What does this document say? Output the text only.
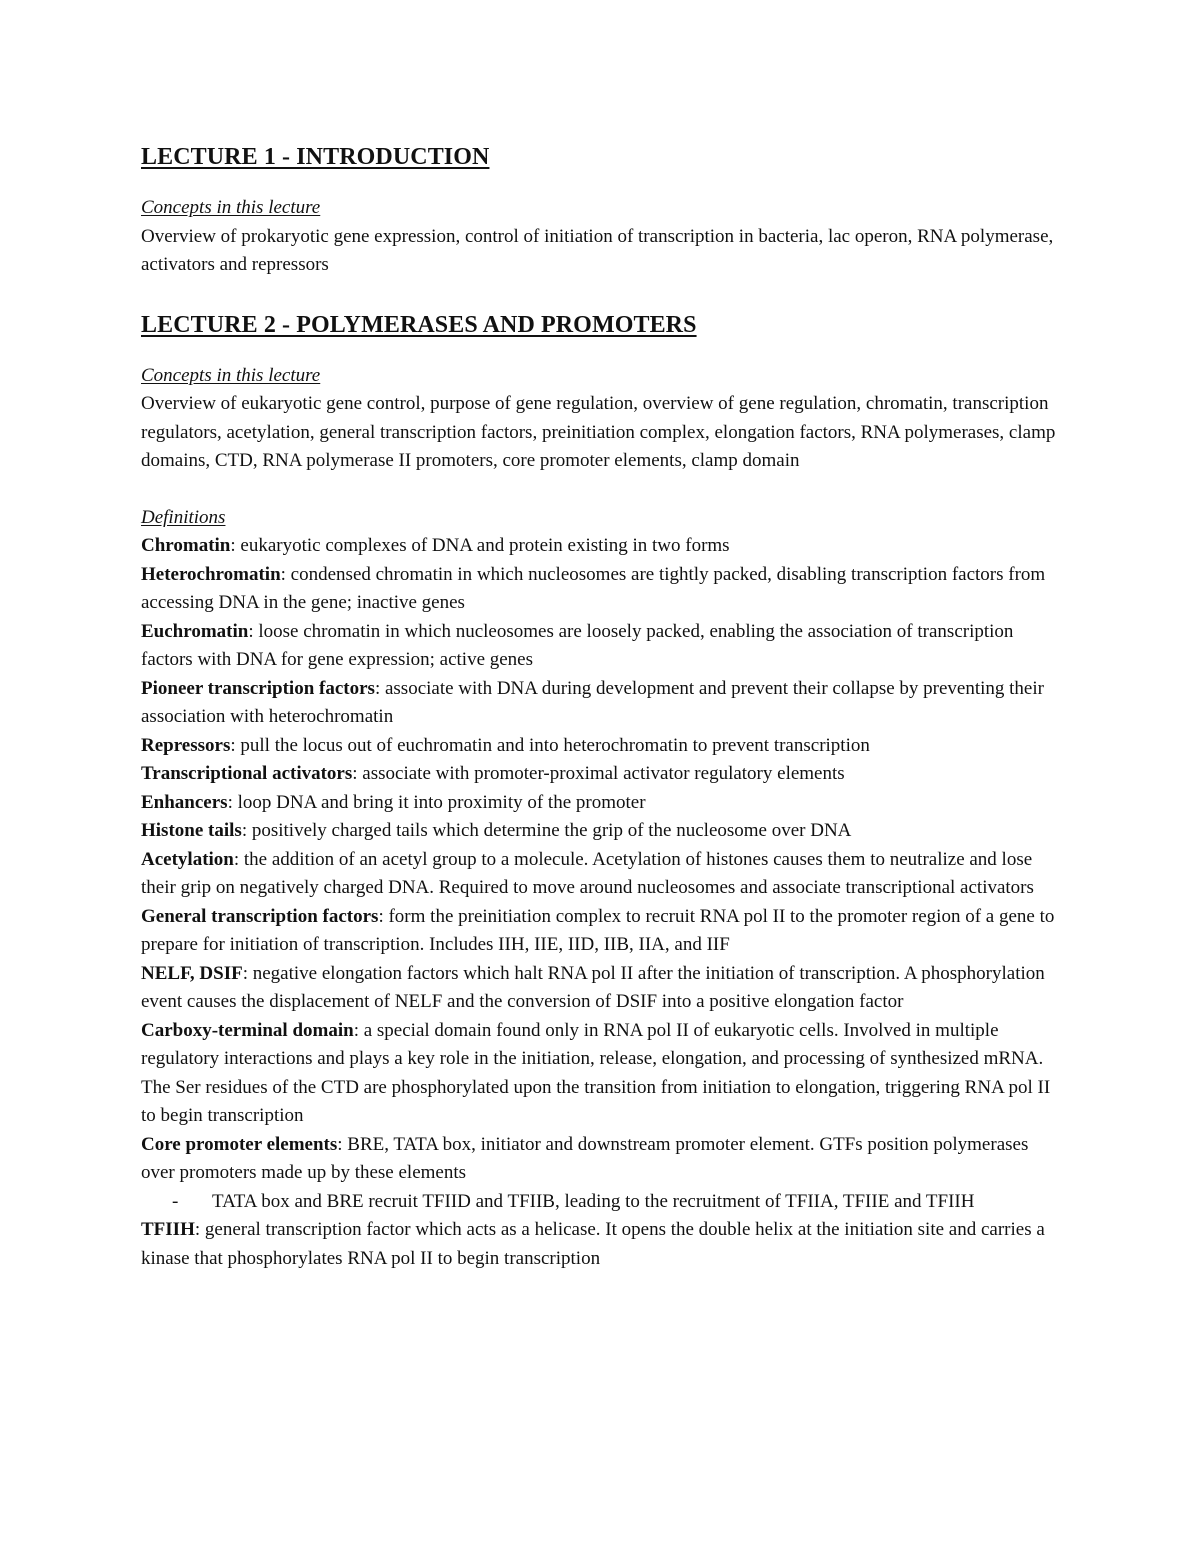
LECTURE 1 - INTRODUCTION

Concepts in this lecture

Overview of prokaryotic gene expression, control of initiation of transcription in bacteria, lac operon, RNA polymerase, activators and repressors

LECTURE 2 - POLYMERASES AND PROMOTERS

Concepts in this lecture

Overview of eukaryotic gene control, purpose of gene regulation, overview of gene regulation, chromatin, transcription regulators, acetylation, general transcription factors, preinitiation complex, elongation factors, RNA polymerases, clamp domains, CTD, RNA polymerase II promoters, core promoter elements, clamp domain

Definitions

Chromatin: eukaryotic complexes of DNA and protein existing in two forms

Heterochromatin: condensed chromatin in which nucleosomes are tightly packed, disabling transcription factors from accessing DNA in the gene; inactive genes

Euchromatin: loose chromatin in which nucleosomes are loosely packed, enabling the association of transcription factors with DNA for gene expression; active genes

Pioneer transcription factors: associate with DNA during development and prevent their collapse by preventing their association with heterochromatin

Repressors: pull the locus out of euchromatin and into heterochromatin to prevent transcription

Transcriptional activators: associate with promoter-proximal activator regulatory elements

Enhancers: loop DNA and bring it into proximity of the promoter

Histone tails: positively charged tails which determine the grip of the nucleosome over DNA

Acetylation: the addition of an acetyl group to a molecule. Acetylation of histones causes them to neutralize and lose their grip on negatively charged DNA. Required to move around nucleosomes and associate transcriptional activators

General transcription factors: form the preinitiation complex to recruit RNA pol II to the promoter region of a gene to prepare for initiation of transcription. Includes IIH, IIE, IID, IIB, IIA, and IIF

NELF, DSIF: negative elongation factors which halt RNA pol II after the initiation of transcription. A phosphorylation event causes the displacement of NELF and the conversion of DSIF into a positive elongation factor

Carboxy-terminal domain: a special domain found only in RNA pol II of eukaryotic cells. Involved in multiple regulatory interactions and plays a key role in the initiation, release, elongation, and processing of synthesized mRNA. The Ser residues of the CTD are phosphorylated upon the transition from initiation to elongation, triggering RNA pol II to begin transcription

Core promoter elements: BRE, TATA box, initiator and downstream promoter element. GTFs position polymerases over promoters made up by these elements

-	TATA box and BRE recruit TFIID and TFIIB, leading to the recruitment of TFIIA, TFIIE and TFIIH

TFIIH: general transcription factor which acts as a helicase. It opens the double helix at the initiation site and carries a kinase that phosphorylates RNA pol II to begin transcription
